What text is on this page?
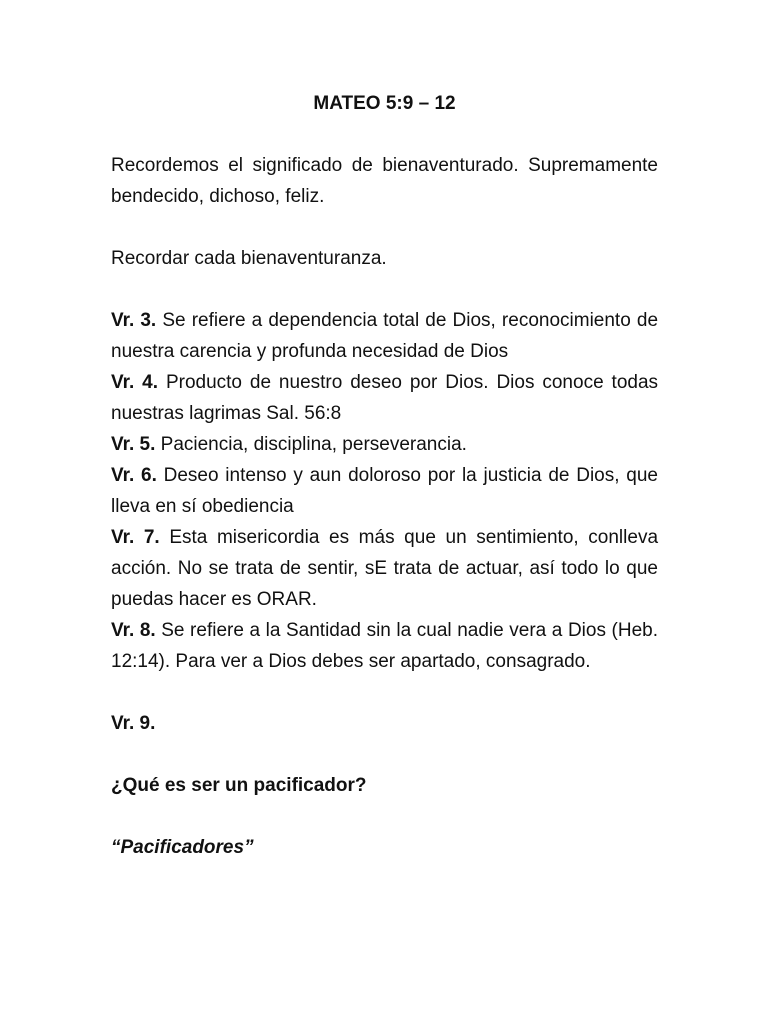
MATEO 5:9 – 12

Recordemos el significado de bienaventurado. Supremamente bendecido, dichoso, feliz.

Recordar cada bienaventuranza.

Vr. 3. Se refiere a dependencia total de Dios, reconocimiento de nuestra carencia y profunda necesidad de Dios

Vr. 4. Producto de nuestro deseo por Dios. Dios conoce todas nuestras lagrimas Sal. 56:8

Vr. 5. Paciencia, disciplina, perseverancia.

Vr. 6. Deseo intenso y aun doloroso por la justicia de Dios, que lleva en sí obediencia

Vr. 7. Esta misericordia es más que un sentimiento, conlleva acción. No se trata de sentir, sE trata de actuar, así todo lo que puedas hacer es ORAR.

Vr. 8. Se refiere a la Santidad sin la cual nadie vera a Dios (Heb. 12:14). Para ver a Dios debes ser apartado, consagrado.

Vr. 9.

¿Qué es ser un pacificador?

“Pacificadores”
